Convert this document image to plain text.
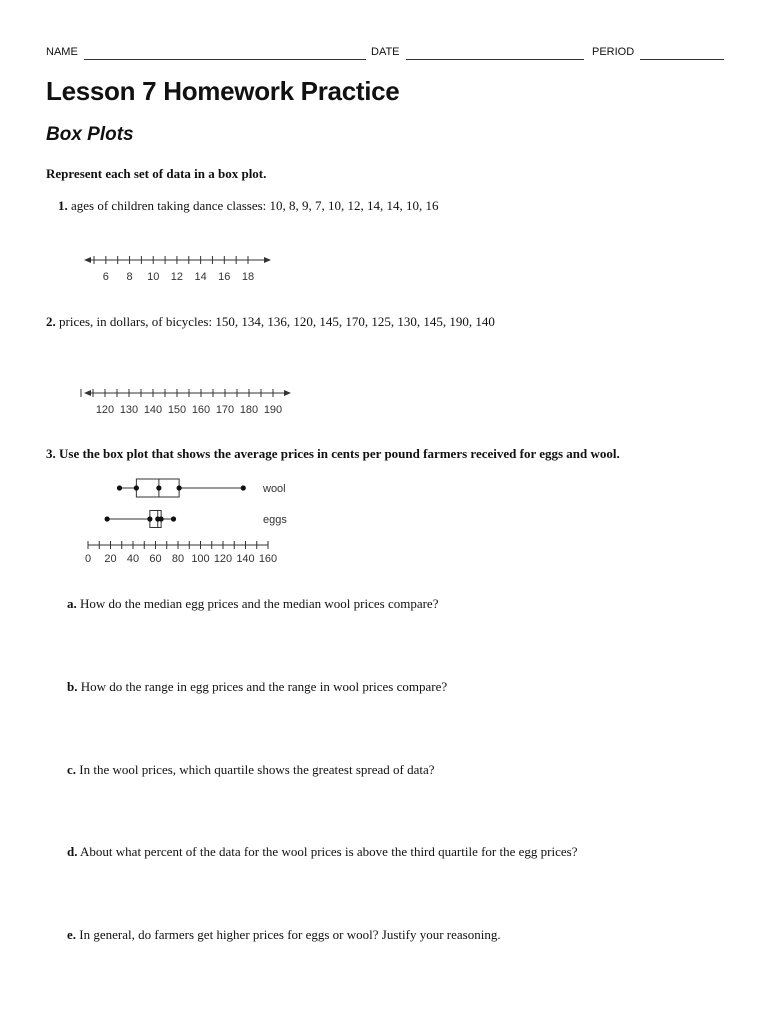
NAME	DATE	PERIOD
Lesson 7 Homework Practice
Box Plots
Represent each set of data in a box plot.
1. ages of children taking dance classes: 10, 8, 9, 7, 10, 12, 14, 14, 10, 16
6 8 10 12 14 16 18
2. prices, in dollars, of bicycles: 150, 134, 136, 120, 145, 170, 125, 130, 145, 190, 140
120 130 140 150 160 170 180 190
3. Use the box plot that shows the average prices in cents per pound farmers received for eggs and wool.
wool
eggs
0 20 40 60 80 100 120 140 160
a. How do the median egg prices and the median wool prices compare?
b. How do the range in egg prices and the range in wool prices compare?
c. In the wool prices, which quartile shows the greatest spread of data?
d. About what percent of the data for the wool prices is above the third quartile for the egg prices?
e. In general, do farmers get higher prices for eggs or wool? Justify your reasoning.
